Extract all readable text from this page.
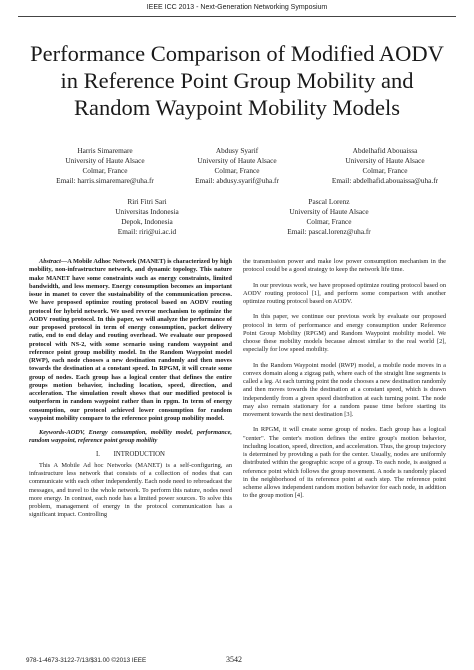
IEEE ICC 2013 - Next-Generation Networking Symposium
Performance Comparison of Modified AODV in Reference Point Group Mobility and Random Waypoint Mobility Models
Harris Simaremare
University of Haute Alsace
Colmar, France
Email: harris.simaremare@uha.fr
Abdusy Syarif
University of Haute Alsace
Colmar, France
Email: abdusy.syarif@uha.fr
Abdelhafid Abouaissa
University of Haute Alsace
Colmar, France
Email: abdelhafid.abouaissa@uha.fr
Riri Fitri Sari
Universitas Indonesia
Depok, Indonesia
Email: riri@ui.ac.id
Pascal Lorenz
University of Haute Alsace
Colmar, France
Email: pascal.lorenz@uha.fr

Abstract—A Mobile Adhoc Network (MANET) is characterized by high mobility, non-infrastructure network, and dynamic topology. This nature make MANET have some constraints such as energy constraints, limited bandwidth, and less memory. Energy consumption becomes an important issue in manet to cover the sustainability of the communication process. We have proposed optimize routing protocol based on AODV routing protocol for hybrid network. We used reverse mechanism to optimize the AODV routing protocol. In this paper, we will analyze the performance of our proposed protocol in term of energy consumption, packet delivery ratio, end to end delay and routing overhead. We evaluate our proposed protocol with NS-2, with some scenario using random waypoint and reference point group mobility model. In the Random Waypoint model (RWP), each node chooses a new destination randomly and then moves towards the destination at a constant speed. In RPGM, it will create some group of nodes. Each group has a logical center that defines the entire groups motion behavior, including location, speed, direction, and acceleration. The simulation result shows that our modified protocol is outperform in random waypoint rather than in rpgm. In term of energy consumption, our protocol achieved lower consumption for random waypoint mobility compare to the reference point group mobility model.

Keywords-AODV, Energy consumption, mobility model, performance, random waypoint, reference point group mobility

I.  INTRODUCTION

This A Mobile Ad hoc Networks (MANET) is a self-configuring, an infrastructure less network that consists of a collection of nodes that can communicate with each other independently. Each node need to rebroadcast the messages, and travel to the whole network. To perform this nature, nodes need more energy. In contrast, each node has a limited power sources. To solve this problem, management of energy in the protocol communication has a significant impact. Controlling

the transmission power and make low power consumption mechanism in the protocol could be a good strategy to keep the network life time.

In our previous work, we have proposed optimize routing protocol based on AODV routing protocol [1], and perform some comparison with another optimize routing protocol based on AODV.

In this paper, we continue our previous work by evaluate our proposed protocol in term of performance and energy consumption under Reference Point Group Mobility (RPGM) and Random Waypoint mobility model. We choose these mobility models because almost similar to the real world [2], especially for low speed mobility.

In the Random Waypoint model (RWP) model, a mobile node moves in a convex domain along a zigzag path, where each of the straight line segments is called a leg. At each turning point the node chooses a new destination randomly and then moves towards the destination at a constant speed, which is drawn independently from a given speed distribution at each turning point. The node may also remain stationary for a random pause time before starting its movement towards the next destination [3].

In RPGM, it will create some group of nodes. Each group has a logical "center". The center's motion defines the entire group's motion behavior, including location, speed, direction, and acceleration. Thus, the group trajectory is determined by providing a path for the center. Usually, nodes are uniformly distributed within the geographic scope of a group. To each node, is assigned a reference point which follows the group movement. A node is randomly placed in the neighborhood of its reference point at each step. The reference point scheme allows independent random motion behavior for each node, in addition to the group motion [4].

978-1-4673-3122-7/13/$31.00 ©2013 IEEE	3542
